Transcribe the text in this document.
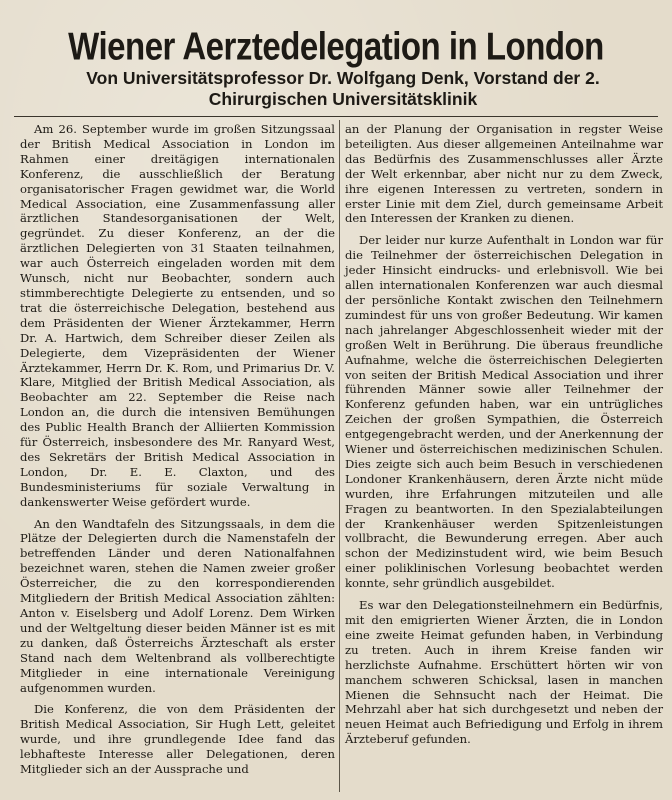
Wiener Aerztedelegation in London
Von Universitätsprofessor Dr. Wolfgang Denk, Vorstand der 2. Chirurgischen Universitätsklinik

Am 26. September wurde im großen Sitzungssaal der British Medical Association in London im Rahmen einer dreitägigen internationalen Konferenz, die ausschließlich der Beratung organisatorischer Fragen gewidmet war, die World Medical Association, eine Zusammenfassung aller ärztlichen Standesorganisationen der Welt, gegründet. Zu dieser Konferenz, an der die ärztlichen Delegierten von 31 Staaten teilnahmen, war auch Österreich eingeladen worden mit dem Wunsch, nicht nur Beobachter, sondern auch stimmberechtigte Delegierte zu entsenden, und so trat die österreichische Delegation, bestehend aus dem Präsidenten der Wiener Ärztekammer, Herrn Dr. A. Hartwich, dem Schreiber dieser Zeilen als Delegierte, dem Vizepräsidenten der Wiener Ärztekammer, Herrn Dr. K. Rom, und Primarius Dr. V. Klare, Mitglied der British Medical Association, als Beobachter am 22. September die Reise nach London an, die durch die intensiven Bemühungen des Public Health Branch der Alliierten Kommission für Österreich, insbesondere des Mr. Ranyard West, des Sekretärs der British Medical Association in London, Dr. E. E. Claxton, und des Bundesministeriums für soziale Verwaltung in dankenswerter Weise gefördert wurde.

An den Wandtafeln des Sitzungssaals, in dem die Plätze der Delegierten durch die Namenstafeln der betreffenden Länder und deren Nationalfahnen bezeichnet waren, stehen die Namen zweier großer Österreicher, die zu den korrespondierenden Mitgliedern der British Medical Association zählten: Anton v. Eiselsberg und Adolf Lorenz. Dem Wirken und der Weltgeltung dieser beiden Männer ist es mit zu danken, daß Österreichs Ärzteschaft als erster Stand nach dem Weltenbrand als vollberechtigte Mitglieder in eine internationale Vereinigung aufgenommen wurden.

Die Konferenz, die von dem Präsidenten der British Medical Association, Sir Hugh Lett, geleitet wurde, und ihre grundlegende Idee fand das lebhafteste Interesse aller Delegationen, deren Mitglieder sich an der Aussprache und

an der Planung der Organisation in regster Weise beteiligten. Aus dieser allgemeinen Anteilnahme war das Bedürfnis des Zusammenschlusses aller Ärzte der Welt erkennbar, aber nicht nur zu dem Zweck, ihre eigenen Interessen zu vertreten, sondern in erster Linie mit dem Ziel, durch gemeinsame Arbeit den Interessen der Kranken zu dienen.

Der leider nur kurze Aufenthalt in London war für die Teilnehmer der österreichischen Delegation in jeder Hinsicht eindrucks- und erlebnisvoll. Wie bei allen internationalen Konferenzen war auch diesmal der persönliche Kontakt zwischen den Teilnehmern zumindest für uns von großer Bedeutung. Wir kamen nach jahrelanger Abgeschlossenheit wieder mit der großen Welt in Berührung. Die überaus freundliche Aufnahme, welche die österreichischen Delegierten von seiten der British Medical Association und ihrer führenden Männer sowie aller Teilnehmer der Konferenz gefunden haben, war ein untrügliches Zeichen der großen Sympathien, die Österreich entgegengebracht werden, und der Anerkennung der Wiener und österreichischen medizinischen Schulen. Dies zeigte sich auch beim Besuch in verschiedenen Londoner Krankenhäusern, deren Ärzte nicht müde wurden, ihre Erfahrungen mitzuteilen und alle Fragen zu beantworten. In den Spezialabteilungen der Krankenhäuser werden Spitzenleistungen vollbracht, die Bewunderung erregen. Aber auch schon der Medizinstudent wird, wie beim Besuch einer poliklinischen Vorlesung beobachtet werden konnte, sehr gründlich ausgebildet.

Es war den Delegationsteilnehmern ein Bedürfnis, mit den emigrierten Wiener Ärzten, die in London eine zweite Heimat gefunden haben, in Verbindung zu treten. Auch in ihrem Kreise fanden wir herzlichste Aufnahme. Erschüttert hörten wir von manchem schweren Schicksal, lasen in manchen Mienen die Sehnsucht nach der Heimat. Die Mehrzahl aber hat sich durchgesetzt und neben der neuen Heimat auch Befriedigung und Erfolg in ihrem Ärzteberuf gefunden.
